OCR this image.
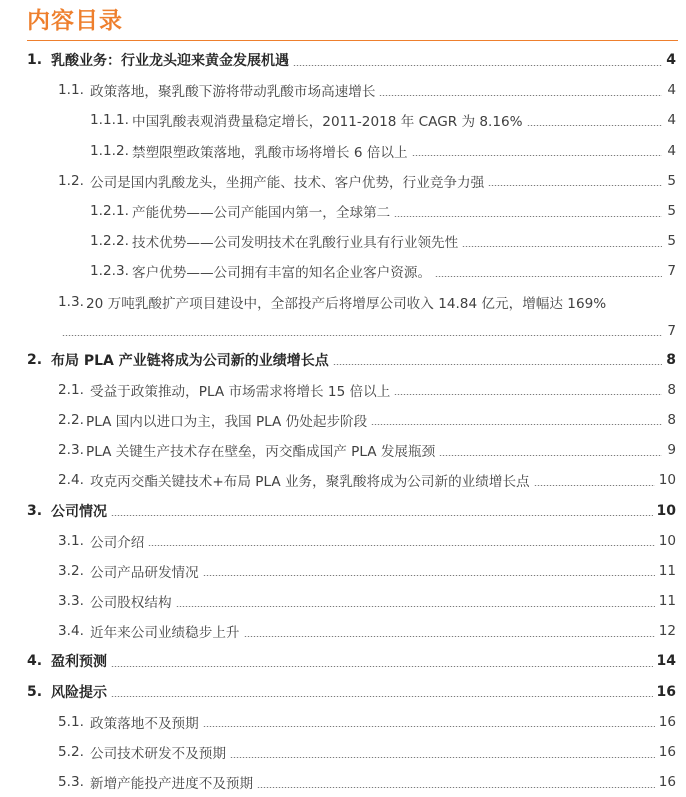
内容目录
1. 乳酸业务：行业龙头迎来黄金发展机遇	4
1.1. 政策落地，聚乳酸下游将带动乳酸市场高速增长	4
1.1.1. 中国乳酸表观消费量稳定增长，2011-2018 年 CAGR 为 8.16%	4
1.1.2. 禁塑限塑政策落地，乳酸市场将增长 6 倍以上	4
1.2. 公司是国内乳酸龙头，坐拥产能、技术、客户优势，行业竞争力强	5
1.2.1. 产能优势——公司产能国内第一，全球第二	5
1.2.2. 技术优势——公司发明技术在乳酸行业具有行业领先性	5
1.2.3. 客户优势——公司拥有丰富的知名企业客户资源。	7
1.3. 20 万吨乳酸扩产项目建设中，全部投产后将增厚公司收入 14.84 亿元，增幅达 169%
7
2. 布局 PLA 产业链将成为公司新的业绩增长点	8
2.1. 受益于政策推动，PLA 市场需求将增长 15 倍以上	8
2.2. PLA 国内以进口为主，我国 PLA 仍处起步阶段	8
2.3. PLA 关键生产技术存在壁垒，丙交酯成国产 PLA 发展瓶颈	9
2.4. 攻克丙交酯关键技术+布局 PLA 业务，聚乳酸将成为公司新的业绩增长点	10
3. 公司情况	10
3.1. 公司介绍	10
3.2. 公司产品研发情况	11
3.3. 公司股权结构	11
3.4. 近年来公司业绩稳步上升	12
4. 盈利预测	14
5. 风险提示	16
5.1. 政策落地不及预期	16
5.2. 公司技术研发不及预期	16
5.3. 新增产能投产进度不及预期	16
